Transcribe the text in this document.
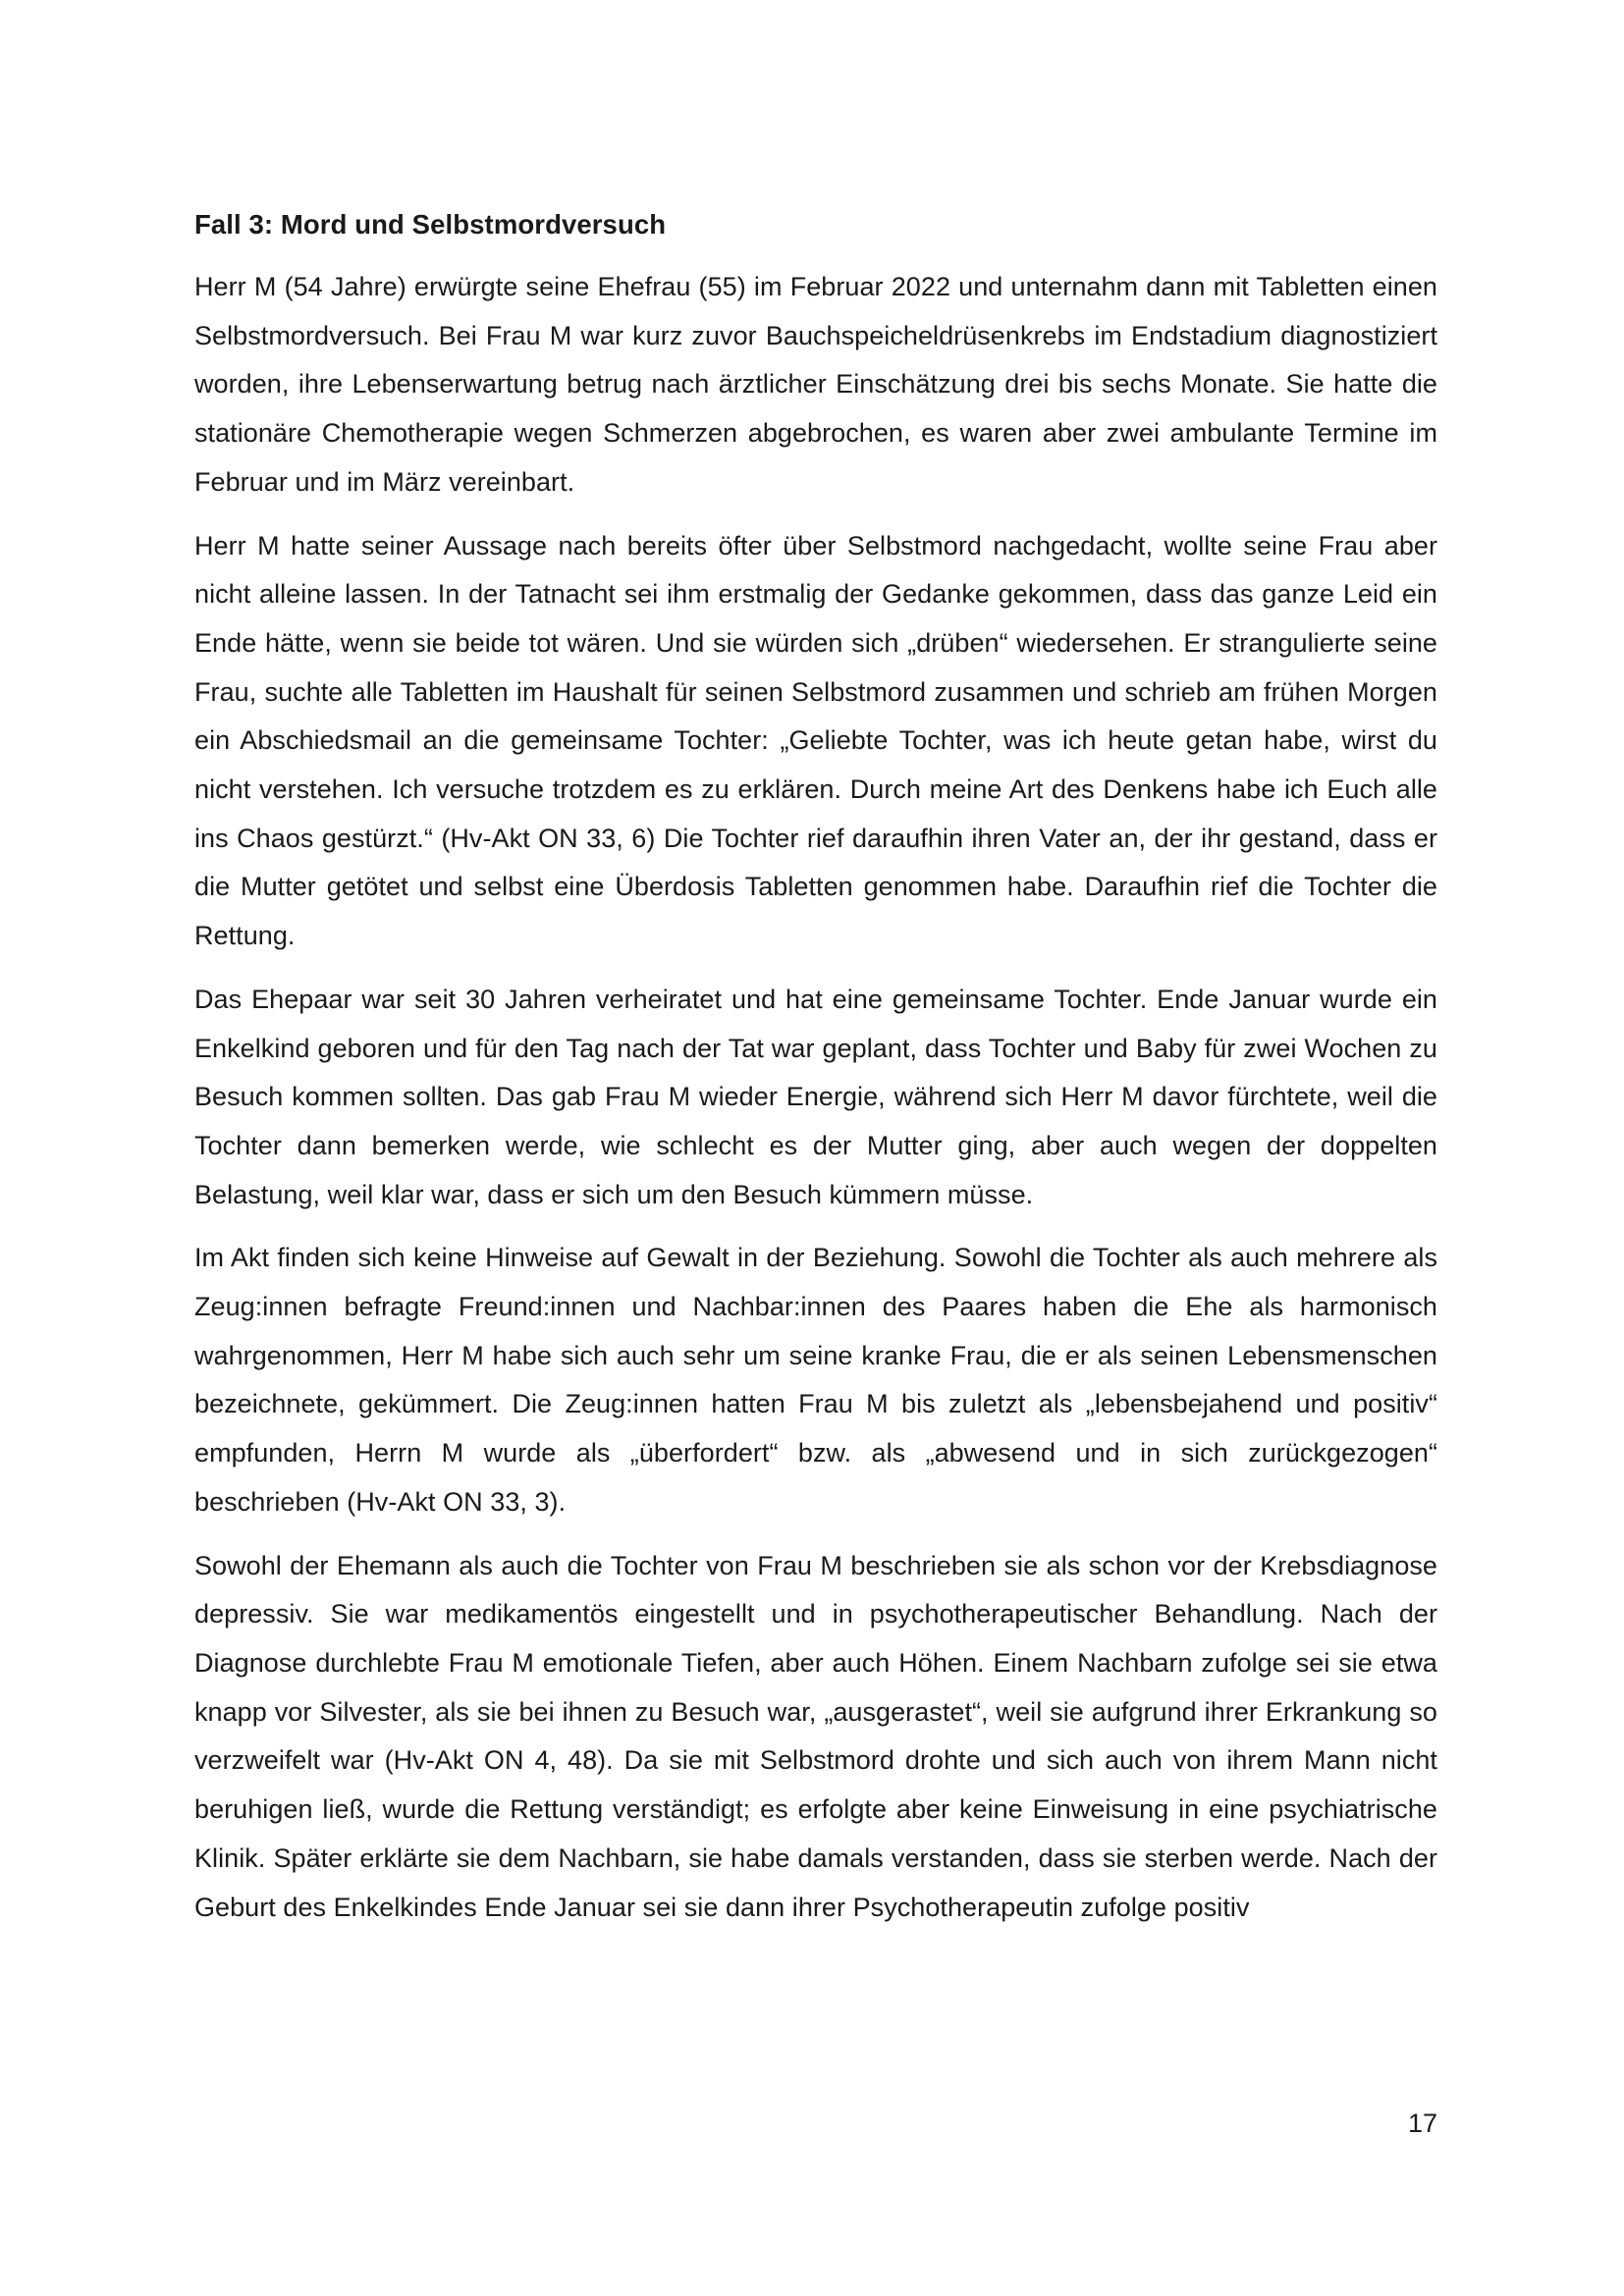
Fall 3: Mord und Selbstmordversuch

Herr M (54 Jahre) erwürgte seine Ehefrau (55) im Februar 2022 und unternahm dann mit Tabletten einen Selbstmordversuch. Bei Frau M war kurz zuvor Bauchspeicheldrüsenkrebs im Endstadium diagnostiziert worden, ihre Lebenserwartung betrug nach ärztlicher Einschätzung drei bis sechs Monate. Sie hatte die stationäre Chemotherapie wegen Schmerzen abgebrochen, es waren aber zwei ambulante Termine im Februar und im März vereinbart.

Herr M hatte seiner Aussage nach bereits öfter über Selbstmord nachgedacht, wollte seine Frau aber nicht alleine lassen. In der Tatnacht sei ihm erstmalig der Gedanke gekommen, dass das ganze Leid ein Ende hätte, wenn sie beide tot wären. Und sie würden sich „drüben“ wiedersehen. Er strangulierte seine Frau, suchte alle Tabletten im Haushalt für seinen Selbstmord zusammen und schrieb am frühen Morgen ein Abschiedsmail an die gemeinsame Tochter: „Geliebte Tochter, was ich heute getan habe, wirst du nicht verstehen. Ich versuche trotzdem es zu erklären. Durch meine Art des Denkens habe ich Euch alle ins Chaos gestürzt.“ (Hv-Akt ON 33, 6) Die Tochter rief daraufhin ihren Vater an, der ihr gestand, dass er die Mutter getötet und selbst eine Überdosis Tabletten genommen habe. Daraufhin rief die Tochter die Rettung.

Das Ehepaar war seit 30 Jahren verheiratet und hat eine gemeinsame Tochter. Ende Januar wurde ein Enkelkind geboren und für den Tag nach der Tat war geplant, dass Tochter und Baby für zwei Wochen zu Besuch kommen sollten. Das gab Frau M wieder Energie, während sich Herr M davor fürchtete, weil die Tochter dann bemerken werde, wie schlecht es der Mutter ging, aber auch wegen der doppelten Belastung, weil klar war, dass er sich um den Besuch kümmern müsse.

Im Akt finden sich keine Hinweise auf Gewalt in der Beziehung. Sowohl die Tochter als auch mehrere als Zeug:innen befragte Freund:innen und Nachbar:innen des Paares haben die Ehe als harmonisch wahrgenommen, Herr M habe sich auch sehr um seine kranke Frau, die er als seinen Lebensmenschen bezeichnete, gekümmert. Die Zeug:innen hatten Frau M bis zuletzt als „lebensbejahend und positiv“ empfunden, Herrn M wurde als „überfordert“ bzw. als „abwesend und in sich zurückgezogen“ beschrieben (Hv-Akt ON 33, 3).

Sowohl der Ehemann als auch die Tochter von Frau M beschrieben sie als schon vor der Krebsdiagnose depressiv. Sie war medikamentös eingestellt und in psychotherapeutischer Behandlung. Nach der Diagnose durchlebte Frau M emotionale Tiefen, aber auch Höhen. Einem Nachbarn zufolge sei sie etwa knapp vor Silvester, als sie bei ihnen zu Besuch war, „ausgerastet“, weil sie aufgrund ihrer Erkrankung so verzweifelt war (Hv-Akt ON 4, 48). Da sie mit Selbstmord drohte und sich auch von ihrem Mann nicht beruhigen ließ, wurde die Rettung verständigt; es erfolgte aber keine Einweisung in eine psychiatrische Klinik. Später erklärte sie dem Nachbarn, sie habe damals verstanden, dass sie sterben werde. Nach der Geburt des Enkelkindes Ende Januar sei sie dann ihrer Psychotherapeutin zufolge positiv

17
